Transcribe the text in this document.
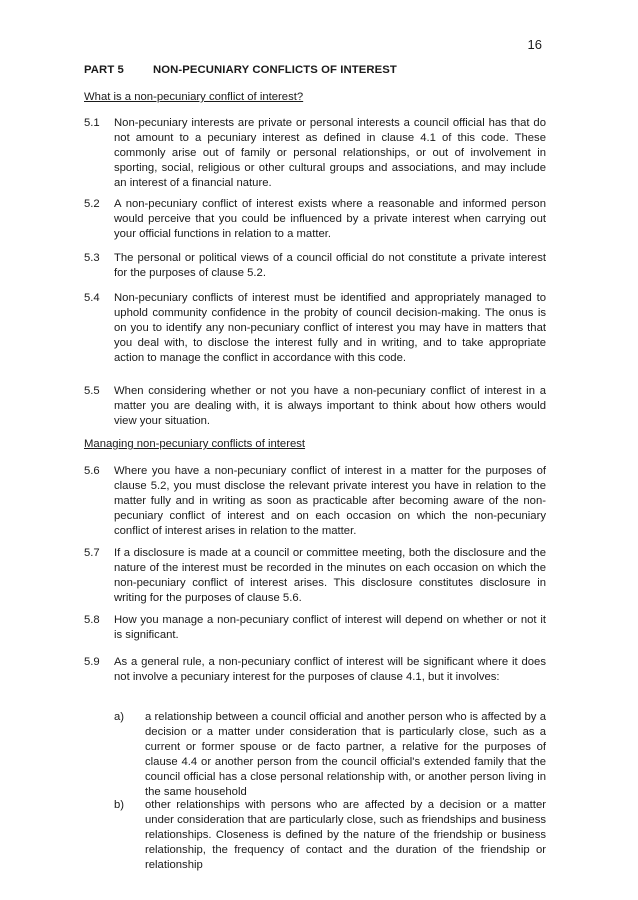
16
PART 5	NON-PECUNIARY CONFLICTS OF INTEREST
What is a non-pecuniary conflict of interest?
5.1 Non-pecuniary interests are private or personal interests a council official has that do not amount to a pecuniary interest as defined in clause 4.1 of this code. These commonly arise out of family or personal relationships, or out of involvement in sporting, social, religious or other cultural groups and associations, and may include an interest of a financial nature.
5.2 A non-pecuniary conflict of interest exists where a reasonable and informed person would perceive that you could be influenced by a private interest when carrying out your official functions in relation to a matter.
5.3 The personal or political views of a council official do not constitute a private interest for the purposes of clause 5.2.
5.4 Non-pecuniary conflicts of interest must be identified and appropriately managed to uphold community confidence in the probity of council decision-making. The onus is on you to identify any non-pecuniary conflict of interest you may have in matters that you deal with, to disclose the interest fully and in writing, and to take appropriate action to manage the conflict in accordance with this code.
5.5 When considering whether or not you have a non-pecuniary conflict of interest in a matter you are dealing with, it is always important to think about how others would view your situation.
Managing non-pecuniary conflicts of interest
5.6 Where you have a non-pecuniary conflict of interest in a matter for the purposes of clause 5.2, you must disclose the relevant private interest you have in relation to the matter fully and in writing as soon as practicable after becoming aware of the non-pecuniary conflict of interest and on each occasion on which the non-pecuniary conflict of interest arises in relation to the matter.
5.7 If a disclosure is made at a council or committee meeting, both the disclosure and the nature of the interest must be recorded in the minutes on each occasion on which the non-pecuniary conflict of interest arises. This disclosure constitutes disclosure in writing for the purposes of clause 5.6.
5.8 How you manage a non-pecuniary conflict of interest will depend on whether or not it is significant.
5.9 As a general rule, a non-pecuniary conflict of interest will be significant where it does not involve a pecuniary interest for the purposes of clause 4.1, but it involves:
a) a relationship between a council official and another person who is affected by a decision or a matter under consideration that is particularly close, such as a current or former spouse or de facto partner, a relative for the purposes of clause 4.4 or another person from the council official's extended family that the council official has a close personal relationship with, or another person living in the same household
b) other relationships with persons who are affected by a decision or a matter under consideration that are particularly close, such as friendships and business relationships. Closeness is defined by the nature of the friendship or business relationship, the frequency of contact and the duration of the friendship or relationship
